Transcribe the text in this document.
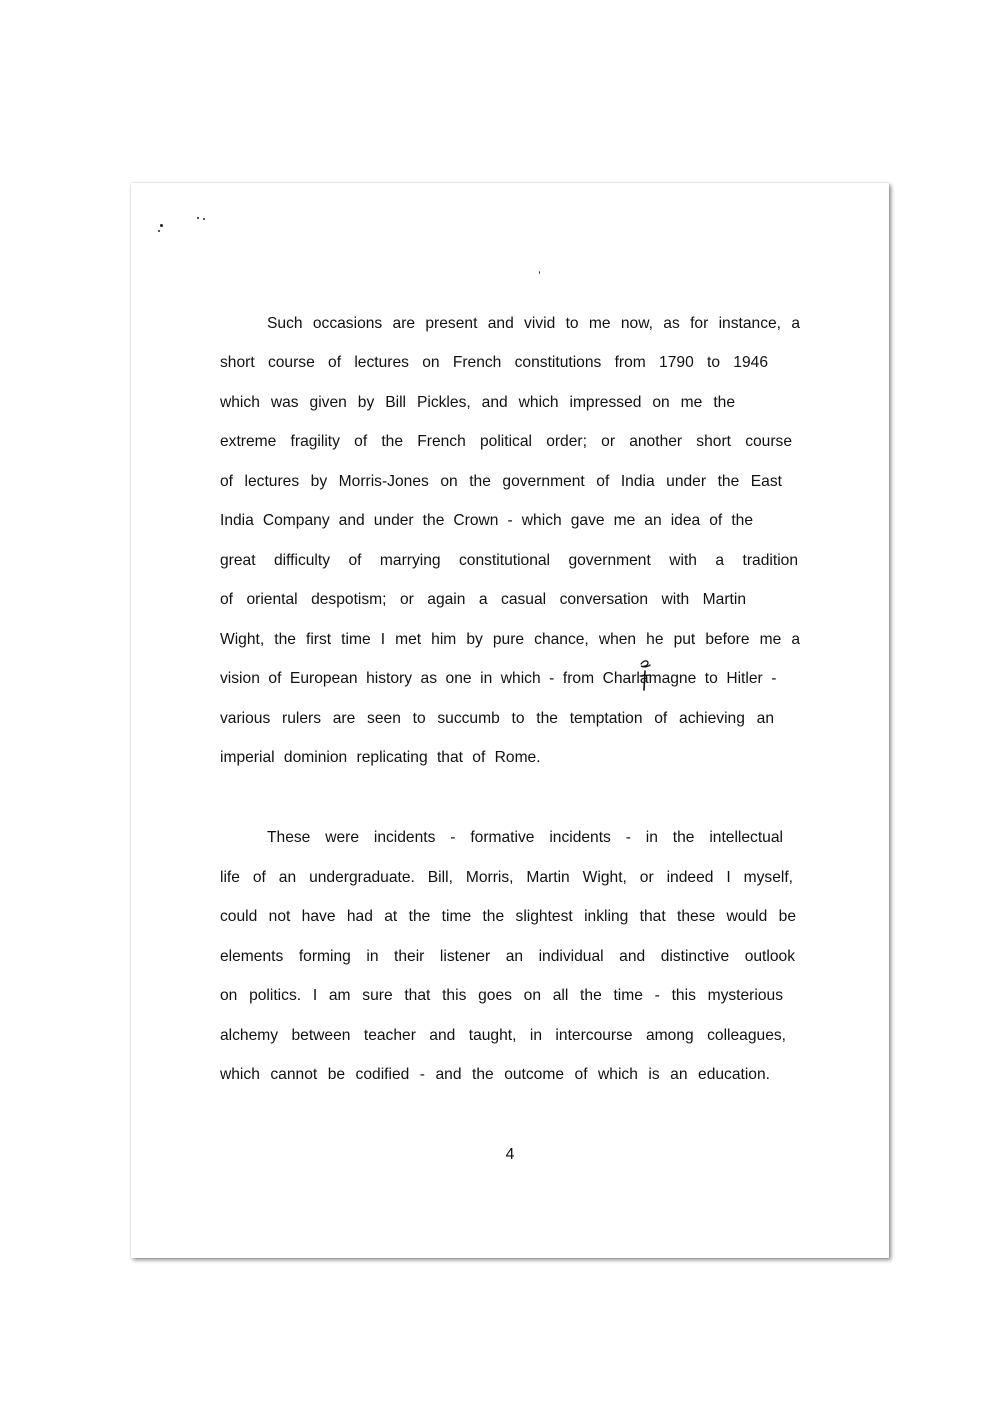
Such occasions are present and vivid to me now, as for instance, a
short course of lectures on French constitutions from 1790 to 1946
which was given by Bill Pickles, and which impressed on me the
extreme fragility of the French political order; or another short course
of lectures by Morris-Jones on the government of India under the East
India Company and under the Crown - which gave me an idea of the
great difficulty of marrying constitutional government with a tradition
of oriental despotism; or again a casual conversation with Martin
Wight, the first time I met him by pure chance, when he put before me a
vision of European history as one in which - from Charla
magne to Hitler -
various rulers are seen to succumb to the temptation of achieving an
imperial dominion replicating that of Rome.
These were incidents - formative incidents - in the intellectual
life of an undergraduate. Bill, Morris, Martin Wight, or indeed I myself,
could not have had at the time the slightest inkling that these would be
elements forming in their listener an individual and distinctive outlook
on politics. I am sure that this goes on all the time - this mysterious
alchemy between teacher and taught, in intercourse among colleagues,
which cannot be codified - and the outcome of which is an education.
4
